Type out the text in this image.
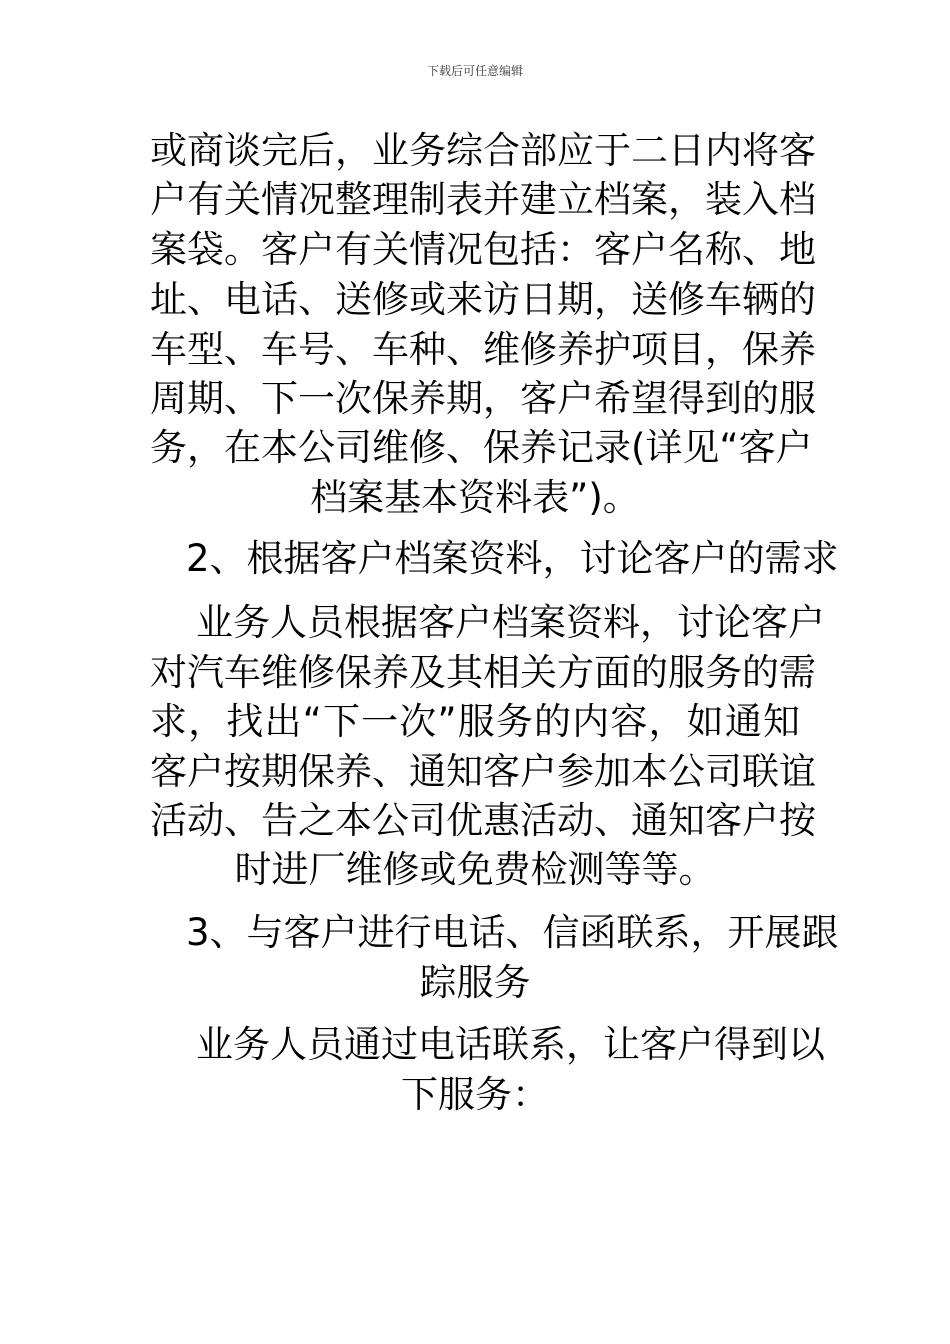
下载后可任意编辑
或商谈完后，业务综合部应于二日内将客
户有关情况整理制表并建立档案，装入档
案袋。客户有关情况包括：客户名称、地
址、电话、送修或来访日期，送修车辆的
车型、车号、车种、维修养护项目，保养
周期、下一次保养期，客户希望得到的服
务，在本公司维修、保养记录(详见“客户
档案基本资料表”)。
2、根据客户档案资料，讨论客户的需求
业务人员根据客户档案资料，讨论客户
对汽车维修保养及其相关方面的服务的需
求，找出“下一次”服务的内容，如通知
客户按期保养、通知客户参加本公司联谊
活动、告之本公司优惠活动、通知客户按
时进厂维修或免费检测等等。
3、与客户进行电话、信函联系，开展跟
踪服务
业务人员通过电话联系，让客户得到以
下服务：
